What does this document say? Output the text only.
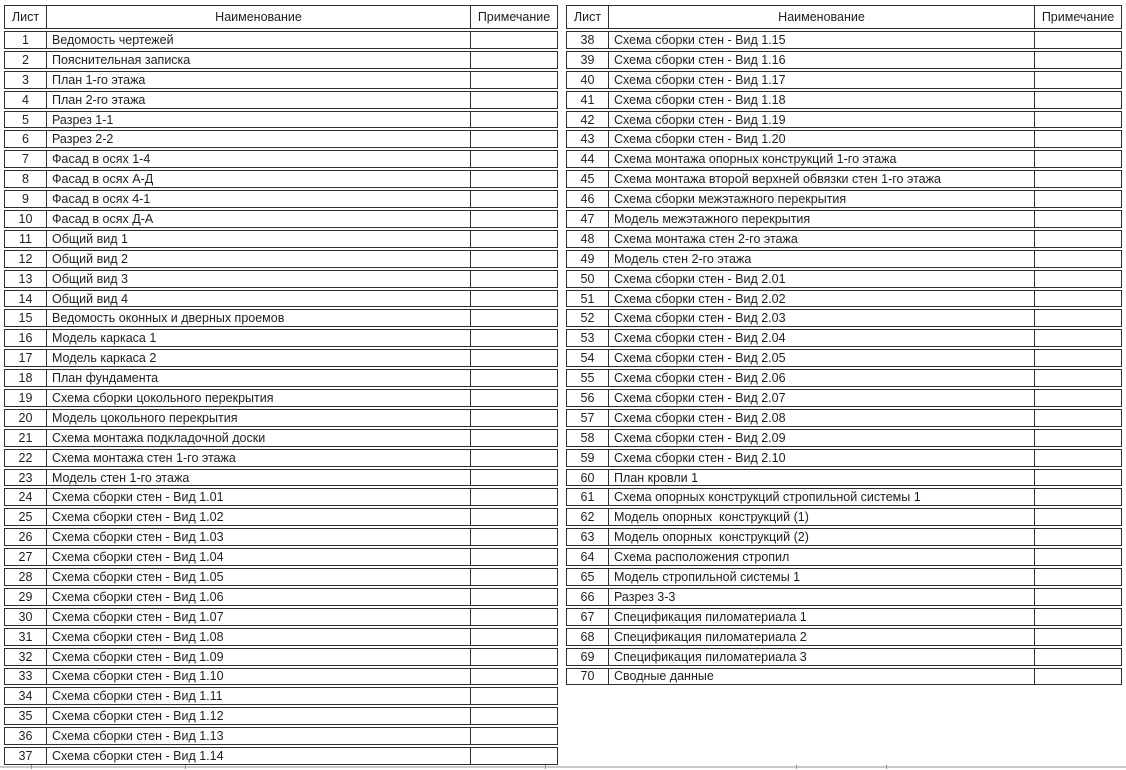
Лист	Наименование	Примечание
1	Ведомость чертежей
2	Пояснительная записка
3	План 1-го этажа
4	План 2-го этажа
5	Разрез 1-1
6	Разрез 2-2
7	Фасад в осях 1-4
8	Фасад в осях А-Д
9	Фасад в осях 4-1
10	Фасад в осях Д-А
11	Общий вид 1
12	Общий вид 2
13	Общий вид 3
14	Общий вид 4
15	Ведомость оконных и дверных проемов
16	Модель каркаса 1
17	Модель каркаса 2
18	План фундамента
19	Схема сборки цокольного перекрытия
20	Модель цокольного перекрытия
21	Схема монтажа подкладочной доски
22	Схема монтажа стен 1-го этажа
23	Модель стен 1-го этажа
24	Схема сборки стен - Вид 1.01
25	Схема сборки стен - Вид 1.02
26	Схема сборки стен - Вид 1.03
27	Схема сборки стен - Вид 1.04
28	Схема сборки стен - Вид 1.05
29	Схема сборки стен - Вид 1.06
30	Схема сборки стен - Вид 1.07
31	Схема сборки стен - Вид 1.08
32	Схема сборки стен - Вид 1.09
33	Схема сборки стен - Вид 1.10
34	Схема сборки стен - Вид 1.11
35	Схема сборки стен - Вид 1.12
36	Схема сборки стен - Вид 1.13
37	Схема сборки стен - Вид 1.14
Лист	Наименование	Примечание
38	Схема сборки стен - Вид 1.15
39	Схема сборки стен - Вид 1.16
40	Схема сборки стен - Вид 1.17
41	Схема сборки стен - Вид 1.18
42	Схема сборки стен - Вид 1.19
43	Схема сборки стен - Вид 1.20
44	Схема монтажа опорных конструкций 1-го этажа
45	Схема монтажа второй верхней обвязки стен 1-го этажа
46	Схема сборки межэтажного перекрытия
47	Модель межэтажного перекрытия
48	Схема монтажа стен 2-го этажа
49	Модель стен 2-го этажа
50	Схема сборки стен - Вид 2.01
51	Схема сборки стен - Вид 2.02
52	Схема сборки стен - Вид 2.03
53	Схема сборки стен - Вид 2.04
54	Схема сборки стен - Вид 2.05
55	Схема сборки стен - Вид 2.06
56	Схема сборки стен - Вид 2.07
57	Схема сборки стен - Вид 2.08
58	Схема сборки стен - Вид 2.09
59	Схема сборки стен - Вид 2.10
60	План кровли 1
61	Схема опорных конструкций стропильной системы 1
62	Модель опорных  конструкций (1)
63	Модель опорных  конструкций (2)
64	Схема расположения стропил
65	Модель стропильной системы 1
66	Разрез 3-3
67	Спецификация пиломатериала 1
68	Спецификация пиломатериала 2
69	Спецификация пиломатериала 3
70	Сводные данные
